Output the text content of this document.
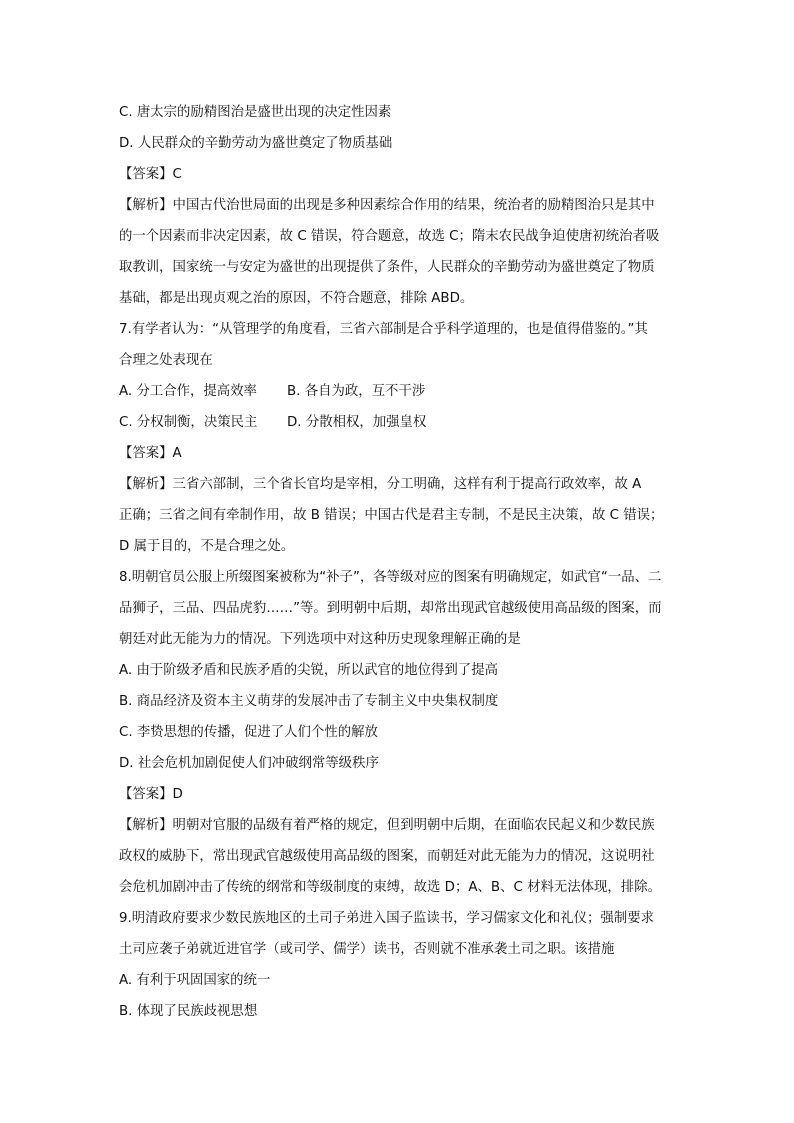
C. 唐太宗的励精图治是盛世出现的决定性因素
D. 人民群众的辛勤劳动为盛世奠定了物质基础
【答案】C
【解析】中国古代治世局面的出现是多种因素综合作用的结果，统治者的励精图治只是其中
的一个因素而非决定因素，故 C 错误，符合题意，故选 C；隋末农民战争迫使唐初统治者吸
取教训，国家统一与安定为盛世的出现提供了条件，人民群众的辛勤劳动为盛世奠定了物质
基础，都是出现贞观之治的原因，不符合题意，排除 ABD。
7.有学者认为：“从管理学的角度看，三省六部制是合乎科学道理的，也是值得借鉴的。”其
合理之处表现在
A. 分工合作，提高效率 B. 各自为政，互不干涉
C. 分权制衡，决策民主 D. 分散相权，加强皇权
【答案】A
【解析】三省六部制，三个省长官均是宰相，分工明确，这样有利于提高行政效率，故 A
正确；三省之间有牵制作用，故 B 错误；中国古代是君主专制，不是民主决策，故 C 错误；
D 属于目的，不是合理之处。
8.明朝官员公服上所缀图案被称为“补子”，各等级对应的图案有明确规定，如武官“一品、二
品狮子，三品、四品虎豹……”等。到明朝中后期，却常出现武官越级使用高品级的图案，而
朝廷对此无能为力的情况。下列选项中对这种历史现象理解正确的是
A. 由于阶级矛盾和民族矛盾的尖锐，所以武官的地位得到了提高
B. 商品经济及资本主义萌芽的发展冲击了专制主义中央集权制度
C. 李贽思想的传播，促进了人们个性的解放
D. 社会危机加剧促使人们冲破纲常等级秩序
【答案】D
【解析】明朝对官服的品级有着严格的规定，但到明朝中后期，在面临农民起义和少数民族
政权的威胁下，常出现武官越级使用高品级的图案，而朝廷对此无能为力的情况，这说明社
会危机加剧冲击了传统的纲常和等级制度的束缚，故选 D；A、B、C 材料无法体现，排除。
9.明清政府要求少数民族地区的土司子弟进入国子监读书，学习儒家文化和礼仪；强制要求
土司应袭子弟就近进官学（或司学、儒学）读书，否则就不准承袭土司之职。该措施
A. 有利于巩固国家的统一
B. 体现了民族歧视思想
